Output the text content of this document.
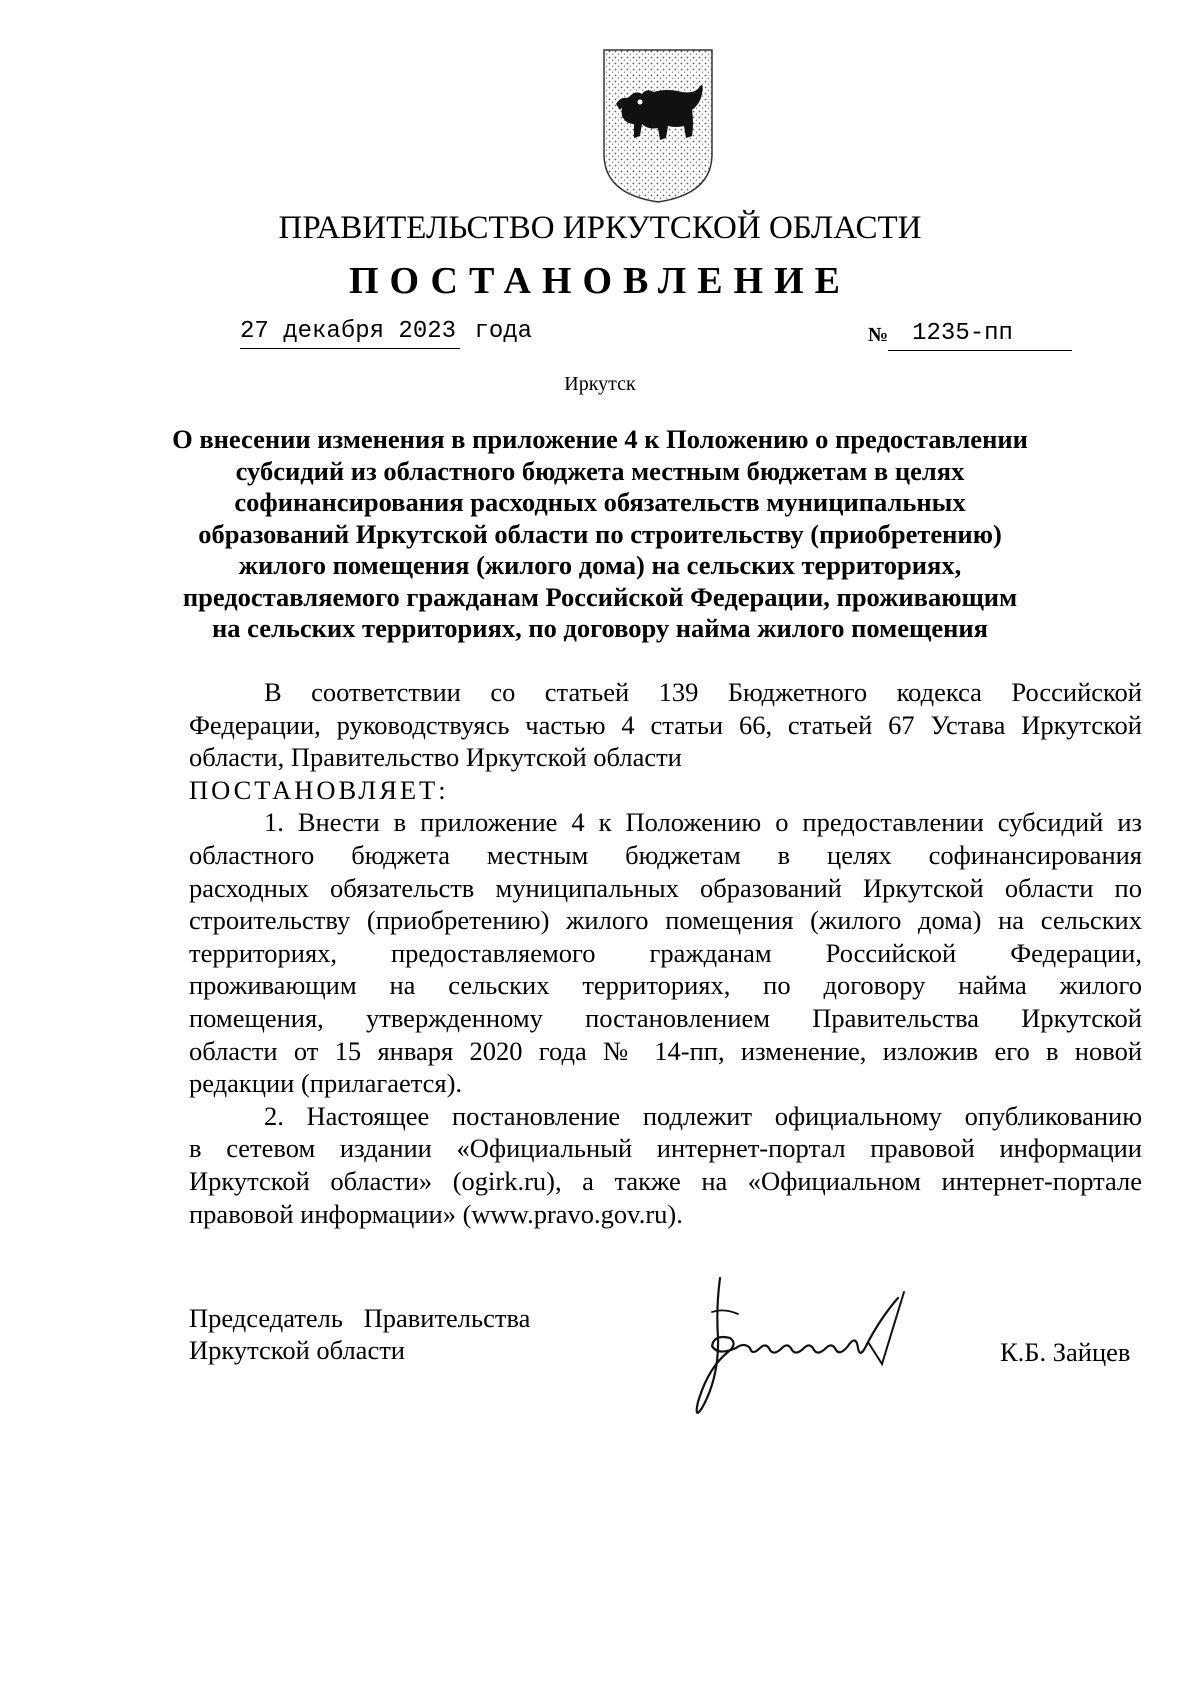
ПРАВИТЕЛЬСТВО ИРКУТСКОЙ ОБЛАСТИ
ПОСТАНОВЛЕНИЕ
27 декабря 2023 года	№ 1235-пп
Иркутск
О внесении изменения в приложение 4 к Положению о предоставлении
субсидий из областного бюджета местным бюджетам в целях
софинансирования расходных обязательств муниципальных
образований Иркутской области по строительству (приобретению)
жилого помещения (жилого дома) на сельских территориях,
предоставляемого гражданам Российской Федерации, проживающим
на сельских территориях, по договору найма жилого помещения
В соответствии со статьей 139 Бюджетного кодекса Российской
Федерации, руководствуясь частью 4 статьи 66, статьей 67 Устава Иркутской
области, Правительство Иркутской области
ПОСТАНОВЛЯЕТ:
1. Внести в приложение 4 к Положению о предоставлении субсидий из
областного бюджета местным бюджетам в целях софинансирования
расходных обязательств муниципальных образований Иркутской области по
строительству (приобретению) жилого помещения (жилого дома) на сельских
территориях, предоставляемого гражданам Российской Федерации,
проживающим на сельских территориях, по договору найма жилого
помещения, утвержденному постановлением Правительства Иркутской
области от 15 января 2020 года № 14-пп, изменение, изложив его в новой
редакции (прилагается).
2. Настоящее постановление подлежит официальному опубликованию
в сетевом издании «Официальный интернет-портал правовой информации
Иркутской области» (ogirk.ru), а также на «Официальном интернет-портале
правовой информации» (www.pravo.gov.ru).
Председатель Правительства
Иркутской области	К.Б. Зайцев
